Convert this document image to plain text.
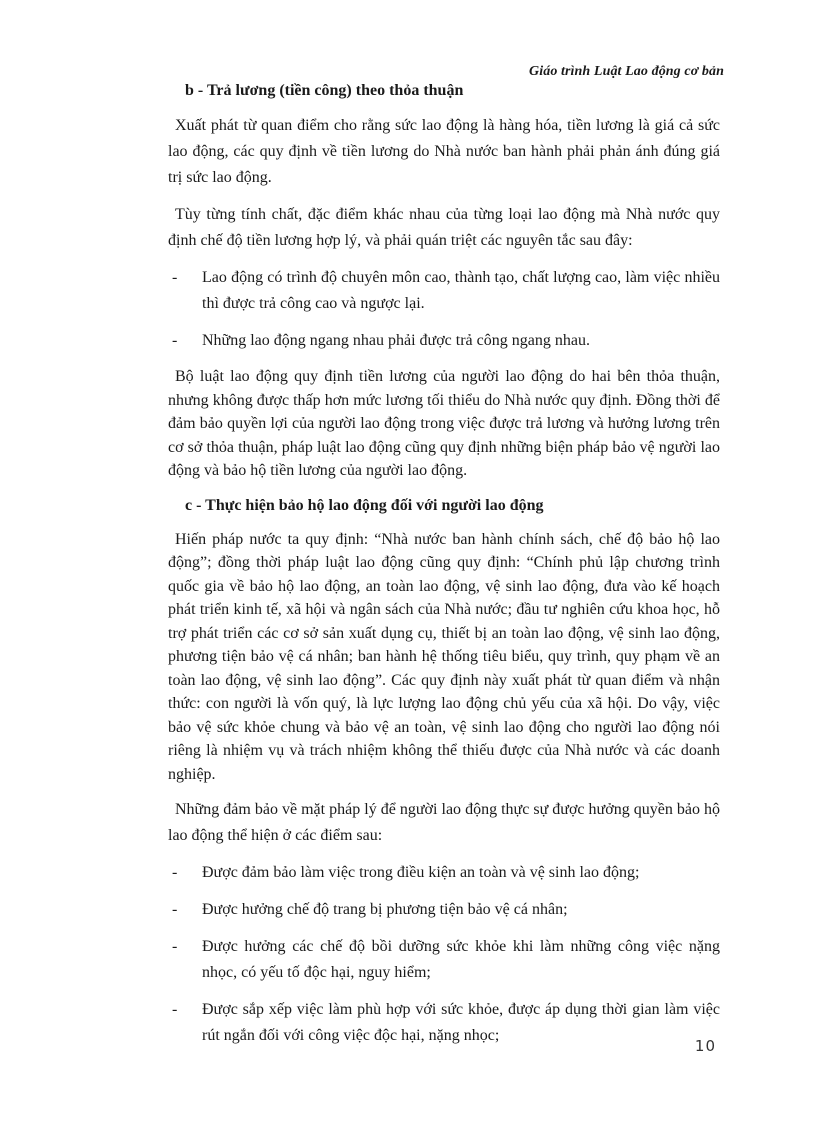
Giáo trình Luật Lao động cơ bản
b - Trả lương (tiền công) theo thỏa thuận

Xuất phát từ quan điểm cho rằng sức lao động là hàng hóa, tiền lương là giá cả sức lao động, các quy định về tiền lương do Nhà nước ban hành phải phản ánh đúng giá trị sức lao động.

Tùy từng tính chất, đặc điểm khác nhau của từng loại lao động mà Nhà nước quy định chế độ tiền lương hợp lý, và phải quán triệt các nguyên tắc sau đây:

- Lao động có trình độ chuyên môn cao, thành tạo, chất lượng cao, làm việc nhiều thì được trả công cao và ngược lại.
- Những lao động ngang nhau phải được trả công ngang nhau.

Bộ luật lao động quy định tiền lương của người lao động do hai bên thỏa thuận, nhưng không được thấp hơn mức lương tối thiểu do Nhà nước quy định. Đồng thời để đảm bảo quyền lợi của người lao động trong việc được trả lương và hưởng lương trên cơ sở thỏa thuận, pháp luật lao động cũng quy định những biện pháp bảo vệ người lao động và bảo hộ tiền lương của người lao động.

c - Thực hiện bảo hộ lao động đối với người lao động

Hiến pháp nước ta quy định: “Nhà nước ban hành chính sách, chế độ bảo hộ lao động”; đồng thời pháp luật lao động cũng quy định: “Chính phủ lập chương trình quốc gia về bảo hộ lao động, an toàn lao động, vệ sinh lao động, đưa vào kế hoạch phát triển kinh tế, xã hội và ngân sách của Nhà nước; đầu tư nghiên cứu khoa học, hỗ trợ phát triển các cơ sở sản xuất dụng cụ, thiết bị an toàn lao động, vệ sinh lao động, phương tiện bảo vệ cá nhân; ban hành hệ thống tiêu biểu, quy trình, quy phạm về an toàn lao động, vệ sinh lao động”. Các quy định này xuất phát từ quan điểm và nhận thức: con người là vốn quý, là lực lượng lao động chủ yếu của xã hội. Do vậy, việc bảo vệ sức khỏe chung và bảo vệ an toàn, vệ sinh lao động cho người lao động nói riêng là nhiệm vụ và trách nhiệm không thể thiếu được của Nhà nước và các doanh nghiệp.

Những đảm bảo về mặt pháp lý để người lao động thực sự được hưởng quyền bảo hộ lao động thể hiện ở các điểm sau:

- Được đảm bảo làm việc trong điều kiện an toàn và vệ sinh lao động;
- Được hưởng chế độ trang bị phương tiện bảo vệ cá nhân;
- Được hưởng các chế độ bồi dưỡng sức khỏe khi làm những công việc nặng nhọc, có yếu tố độc hại, nguy hiểm;
- Được sắp xếp việc làm phù hợp với sức khỏe, được áp dụng thời gian làm việc rút ngắn đối với công việc độc hại, nặng nhọc;
10
